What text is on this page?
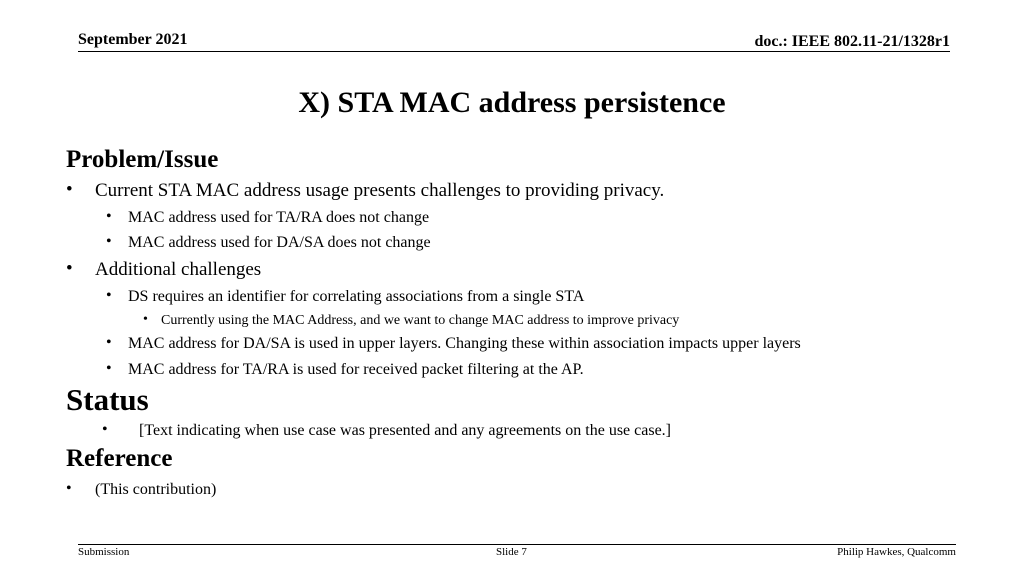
September 2021	doc.: IEEE 802.11-21/1328r1
X) STA MAC address persistence
Problem/Issue
• Current STA MAC address usage presents challenges to providing privacy.
• MAC address used for TA/RA does not change
• MAC address used for DA/SA does not change
• Additional challenges
• DS requires an identifier for correlating associations from a single STA
• Currently using the MAC Address, and we want to change MAC address to improve privacy
• MAC address for DA/SA is used in upper layers. Changing these within association impacts upper layers
• MAC address for TA/RA is used for received packet filtering at the AP.
Status
• [Text indicating when use case was presented and any agreements on the use case.]
Reference
• (This contribution)
Submission	Slide 7	Philip Hawkes, Qualcomm
